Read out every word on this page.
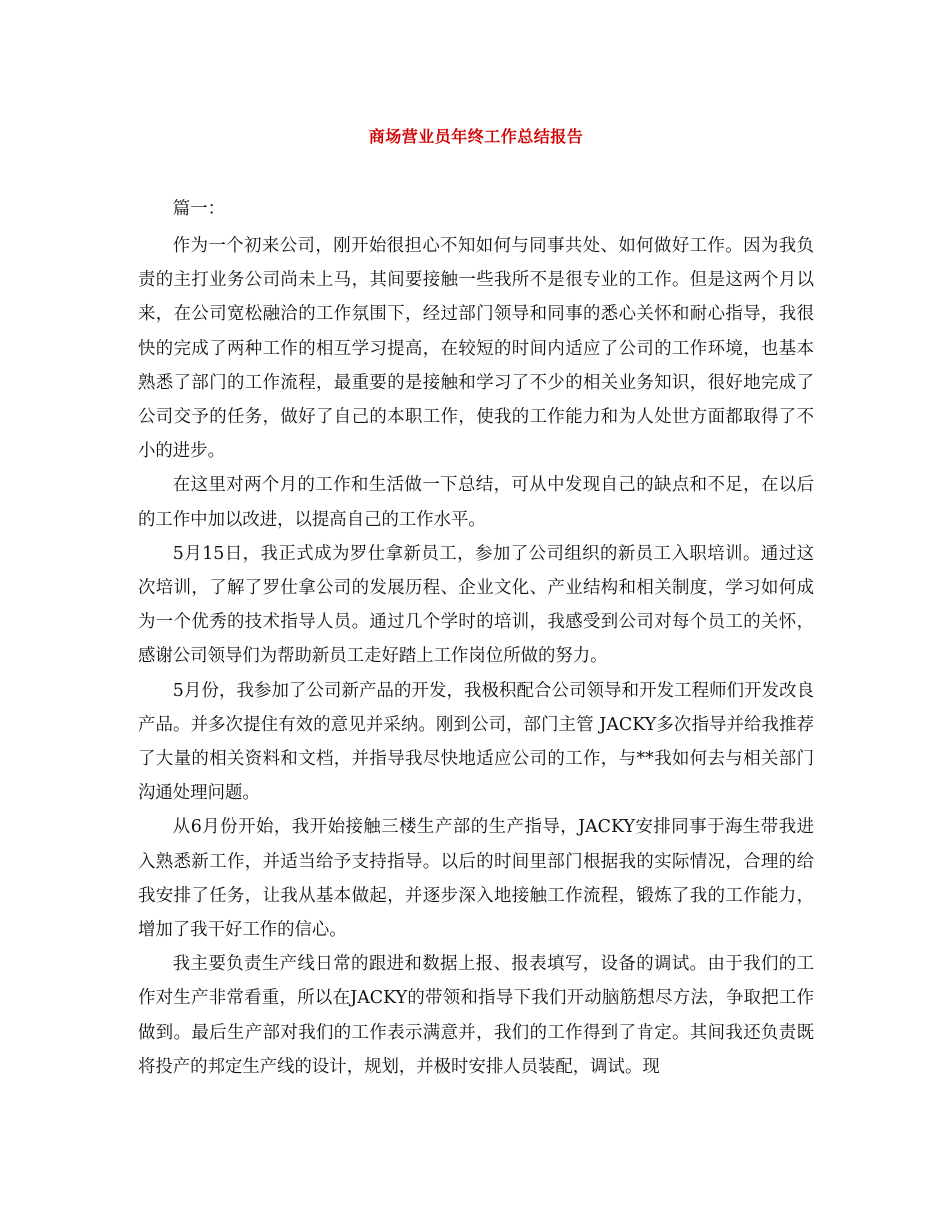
商场营业员年终工作总结报告

篇一：

作为一个初来公司，刚开始很担心不知如何与同事共处、如何做好工作。因为我负责的主打业务公司尚未上马，其间要接触一些我所不是很专业的工作。但是这两个月以来，在公司宽松融洽的工作氛围下，经过部门领导和同事的悉心关怀和耐心指导，我很快的完成了两种工作的相互学习提高，在较短的时间内适应了公司的工作环境，也基本熟悉了部门的工作流程，最重要的是接触和学习了不少的相关业务知识，很好地完成了公司交予的任务，做好了自己的本职工作，使我的工作能力和为人处世方面都取得了不小的进步。

在这里对两个月的工作和生活做一下总结，可从中发现自己的缺点和不足，在以后的工作中加以改进，以提高自己的工作水平。

5月15日，我正式成为罗仕拿新员工，参加了公司组织的新员工入职培训。通过这次培训，了解了罗仕拿公司的发展历程、企业文化、产业结构和相关制度，学习如何成为一个优秀的技术指导人员。通过几个学时的培训，我感受到公司对每个员工的关怀，感谢公司领导们为帮助新员工走好踏上工作岗位所做的努力。

5月份，我参加了公司新产品的开发，我极积配合公司领导和开发工程师们开发改良产品。并多次提住有效的意见并采纳。刚到公司，部门主管 JACKY多次指导并给我推荐了大量的相关资料和文档，并指导我尽快地适应公司的工作，与**我如何去与相关部门沟通处理问题。

从6月份开始，我开始接触三楼生产部的生产指导，JACKY安排同事于海生带我进入熟悉新工作，并适当给予支持指导。以后的时间里部门根据我的实际情况，合理的给我安排了任务，让我从基本做起，并逐步深入地接触工作流程，锻炼了我的工作能力，增加了我干好工作的信心。

我主要负责生产线日常的跟进和数据上报、报表填写，设备的调试。由于我们的工作对生产非常看重，所以在JACKY的带领和指导下我们开动脑筋想尽方法，争取把工作做到。最后生产部对我们的工作表示满意并，我们的工作得到了肯定。其间我还负责既将投产的邦定生产线的设计，规划，并极时安排人员装配，调试。现
